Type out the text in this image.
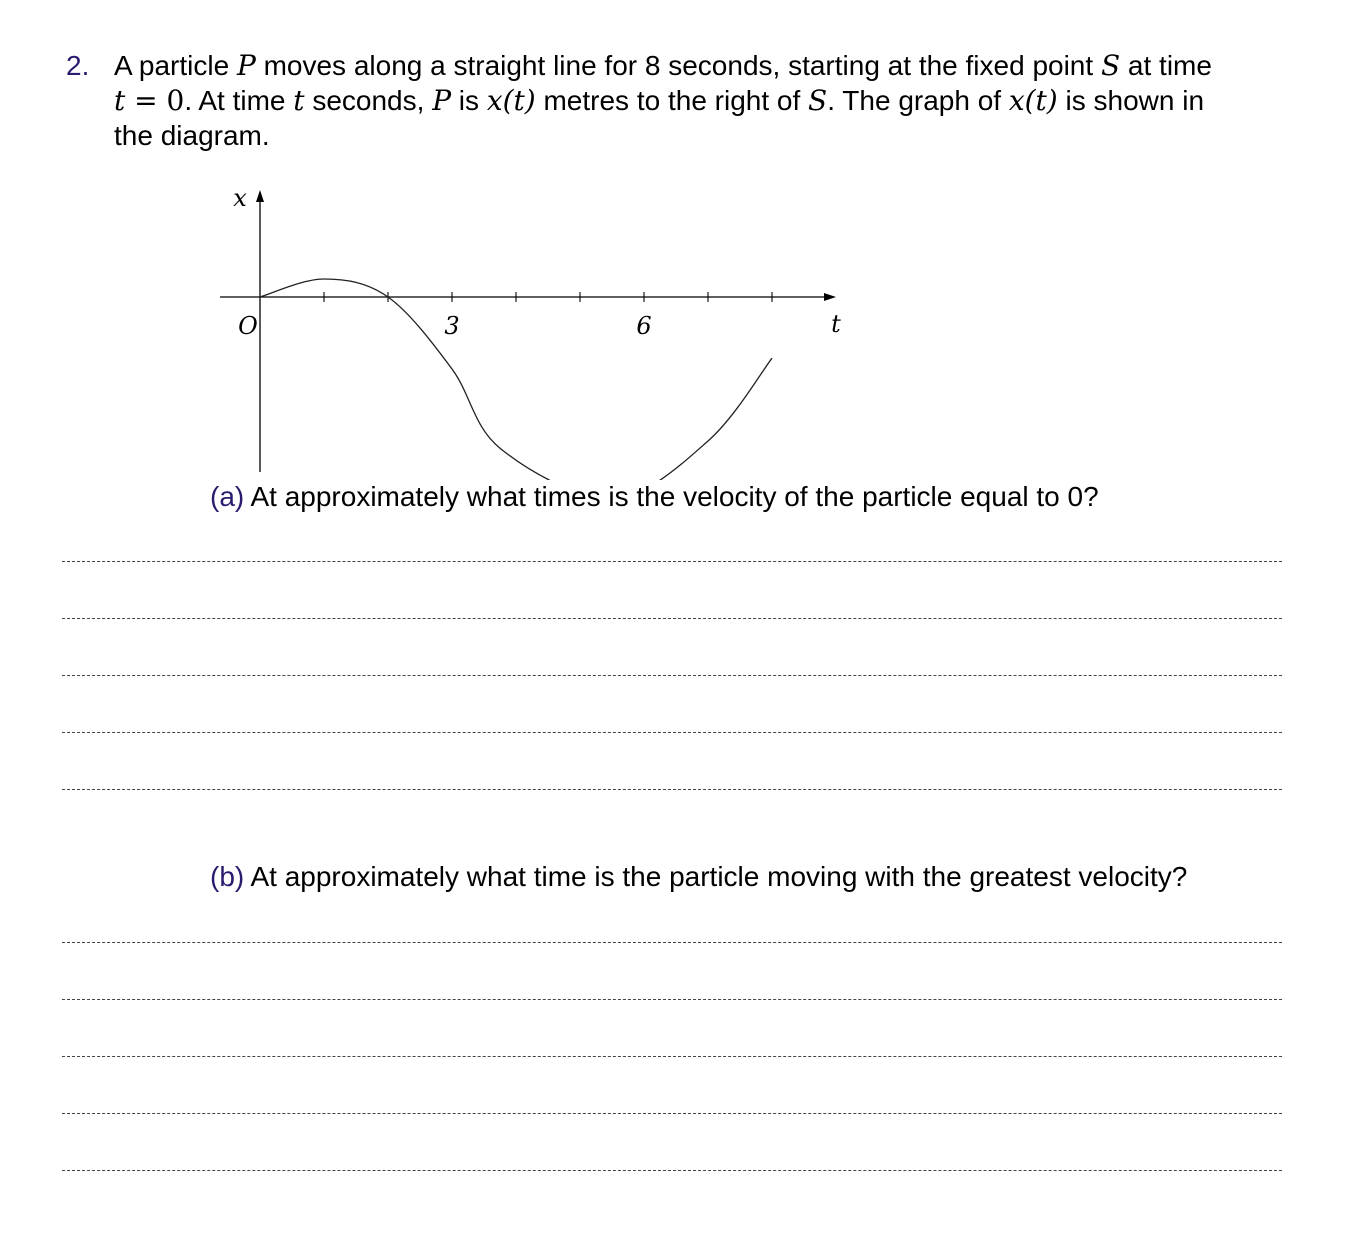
2. A particle P moves along a straight line for 8 seconds, starting at the fixed point S at time
t = 0. At time t seconds, P is x(t) metres to the right of S. The graph of x(t) is shown in
the diagram.
3	6
x
t
O
(a) At approximately what times is the velocity of the particle equal to 0?
(b) At approximately what time is the particle moving with the greatest velocity?
